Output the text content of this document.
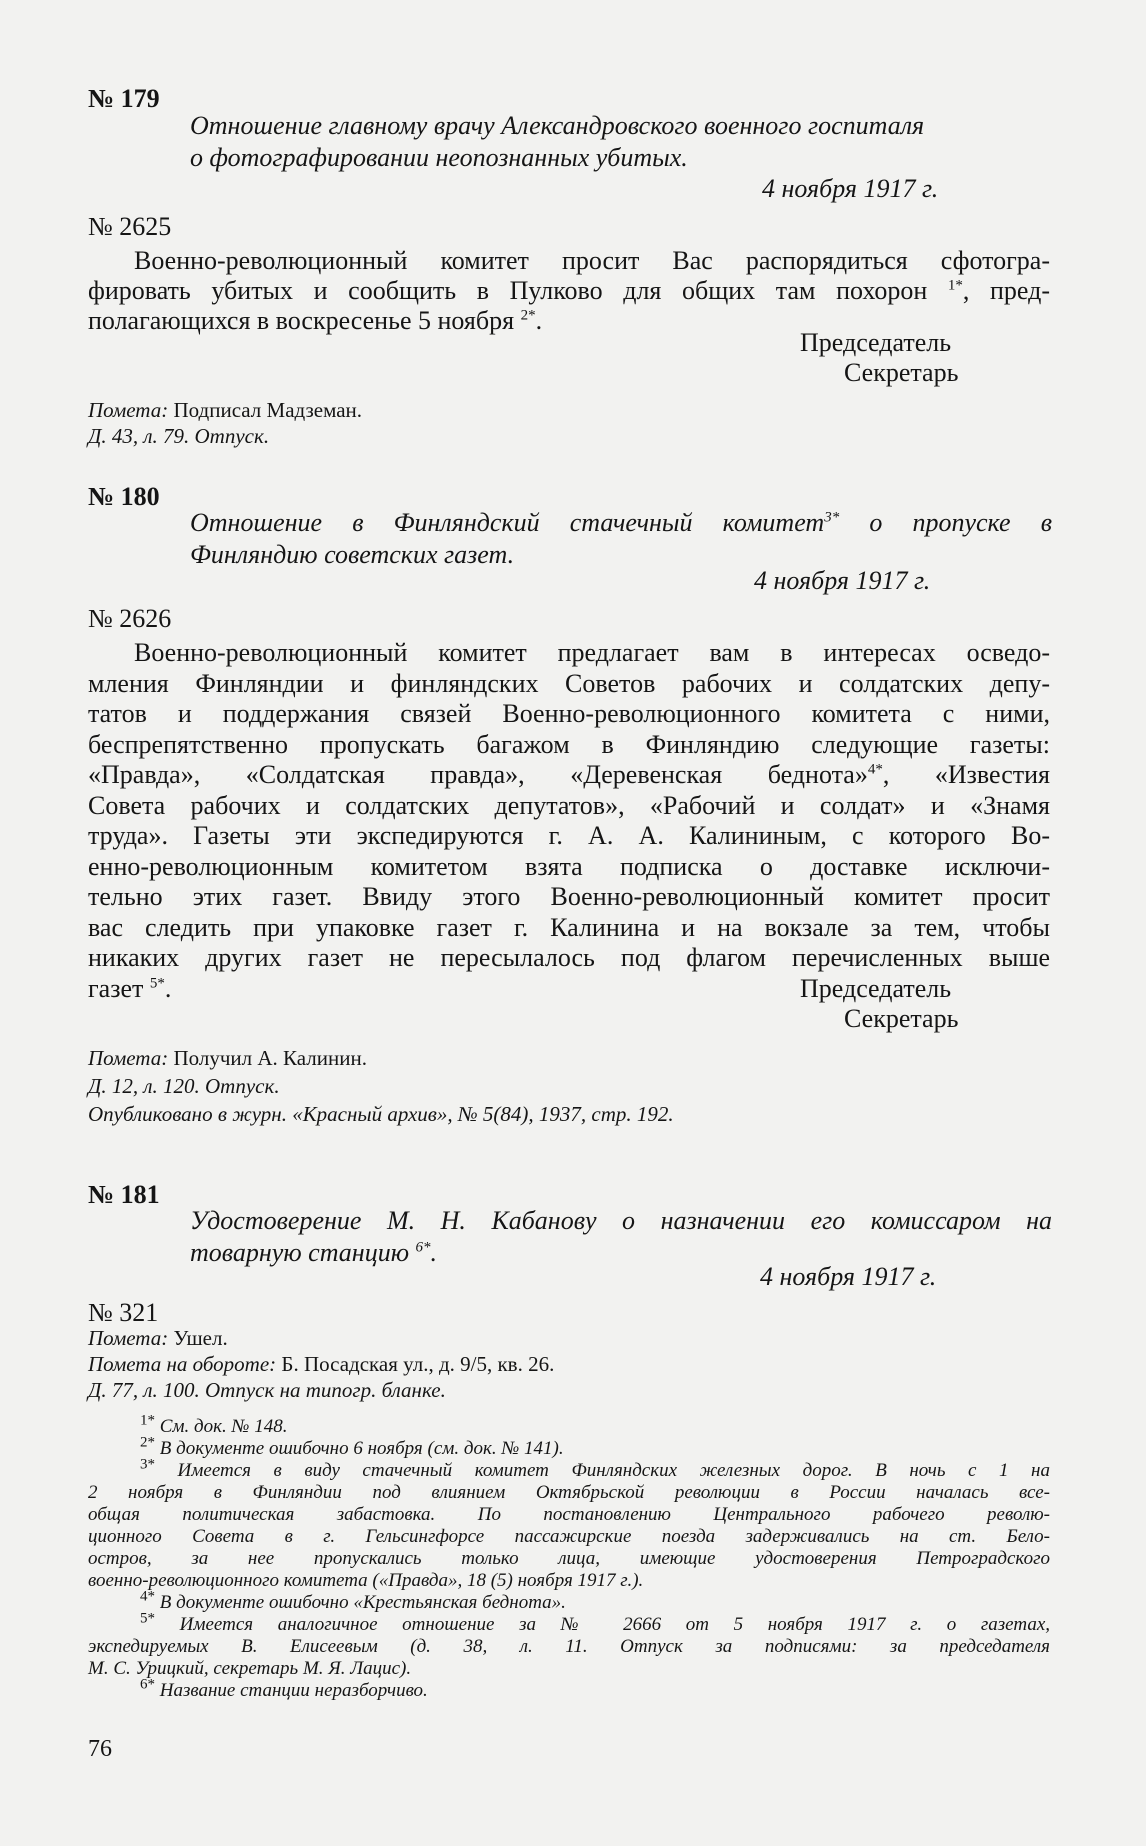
№ 179
Отношение главному врачу Александровского военного госпиталя
о фотографировании неопознанных убитых.
4 ноября 1917 г.
№ 2625
Военно-революционный комитет просит Вас распорядиться сфотогра-
фировать убитых и сообщить в Пулково для общих там похорон $^{1*}$, пред-
полагающихся в воскресенье 5 ноября $^{2*}$.
Председатель
Секретарь
Помета: Подписал Мадземан.
Д. 43, л. 79. Отпуск.
№ 180
Отношение в Финляндский стачечный комитет$^{3*}$ о пропуске в
Финляндию советских газет.
4 ноября 1917 г.
№ 2626
Военно-революционный комитет предлагает вам в интересах осведо-
мления Финляндии и финляндских Советов рабочих и солдатских депу-
татов и поддержания связей Военно-революционного комитета с ними,
беспрепятственно пропускать багажом в Финляндию следующие газеты:
«Правда», «Солдатская правда», «Деревенская беднота»$^{4*}$, «Известия
Совета рабочих и солдатских депутатов», «Рабочий и солдат» и «Знамя
труда». Газеты эти экспедируются г. А. А. Калининым, с которого Во-
енно-революционным комитетом взята подписка о доставке исключи-
тельно этих газет. Ввиду этого Военно-революционный комитет просит
вас следить при упаковке газет г. Калинина и на вокзале за тем, чтобы
никаких других газет не пересылалось под флагом перечисленных выше
газет $^{5*}$.	Председатель
Секретарь
Помета: Получил А. Калинин.
Д. 12, л. 120. Отпуск.
Опубликовано в журн. «Красный архив», № 5(84), 1937, стр. 192.
№ 181
Удостоверение М. Н. Кабанову о назначении его комиссаром на
товарную станцию $^{6*}$.
4 ноября 1917 г.
№ 321
Помета: Ушел.
Помета на обороте: Б. Посадская ул., д. 9/5, кв. 26.
Д. 77, л. 100. Отпуск на типогр. бланке.
$^{1*}$ См. док. № 148.
$^{2*}$ В документе ошибочно 6 ноября (см. док. № 141).
$^{3*}$ Имеется в виду стачечный комитет Финляндских железных дорог. В ночь с 1 на
2 ноября в Финляндии под влиянием Октябрьской революции в России началась все-
общая политическая забастовка. По постановлению Центрального рабочего револю-
ционного Совета в г. Гельсингфорсе пассажирские поезда задерживались на ст. Бело-
остров, за нее пропускались только лица, имеющие удостоверения Петроградского
военно-революционного комитета («Правда», 18 (5) ноября 1917 г.).
$^{4*}$ В документе ошибочно «Крестьянская беднота».
$^{5*}$ Имеется аналогичное отношение за № 2666 от 5 ноября 1917 г. о газетах,
экспедируемых В. Елисеевым (д. 38, л. 11. Отпуск за подписями: за председателя
М. С. Урицкий, секретарь М. Я. Лацис).
$^{6*}$ Название станции неразборчиво.
76
